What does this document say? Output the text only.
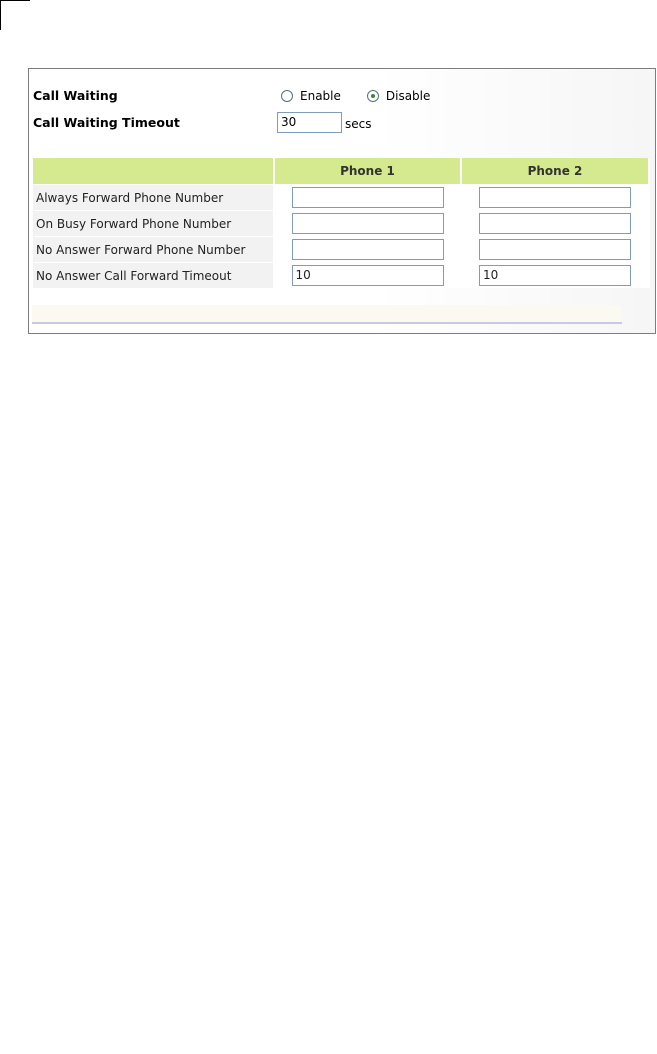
Call Waiting	Enable	Disable
Call Waiting Timeout	30	secs
	Phone 1	Phone 2
Always Forward Phone Number		
On Busy Forward Phone Number		
No Answer Forward Phone Number		
No Answer Call Forward Timeout	10	10
